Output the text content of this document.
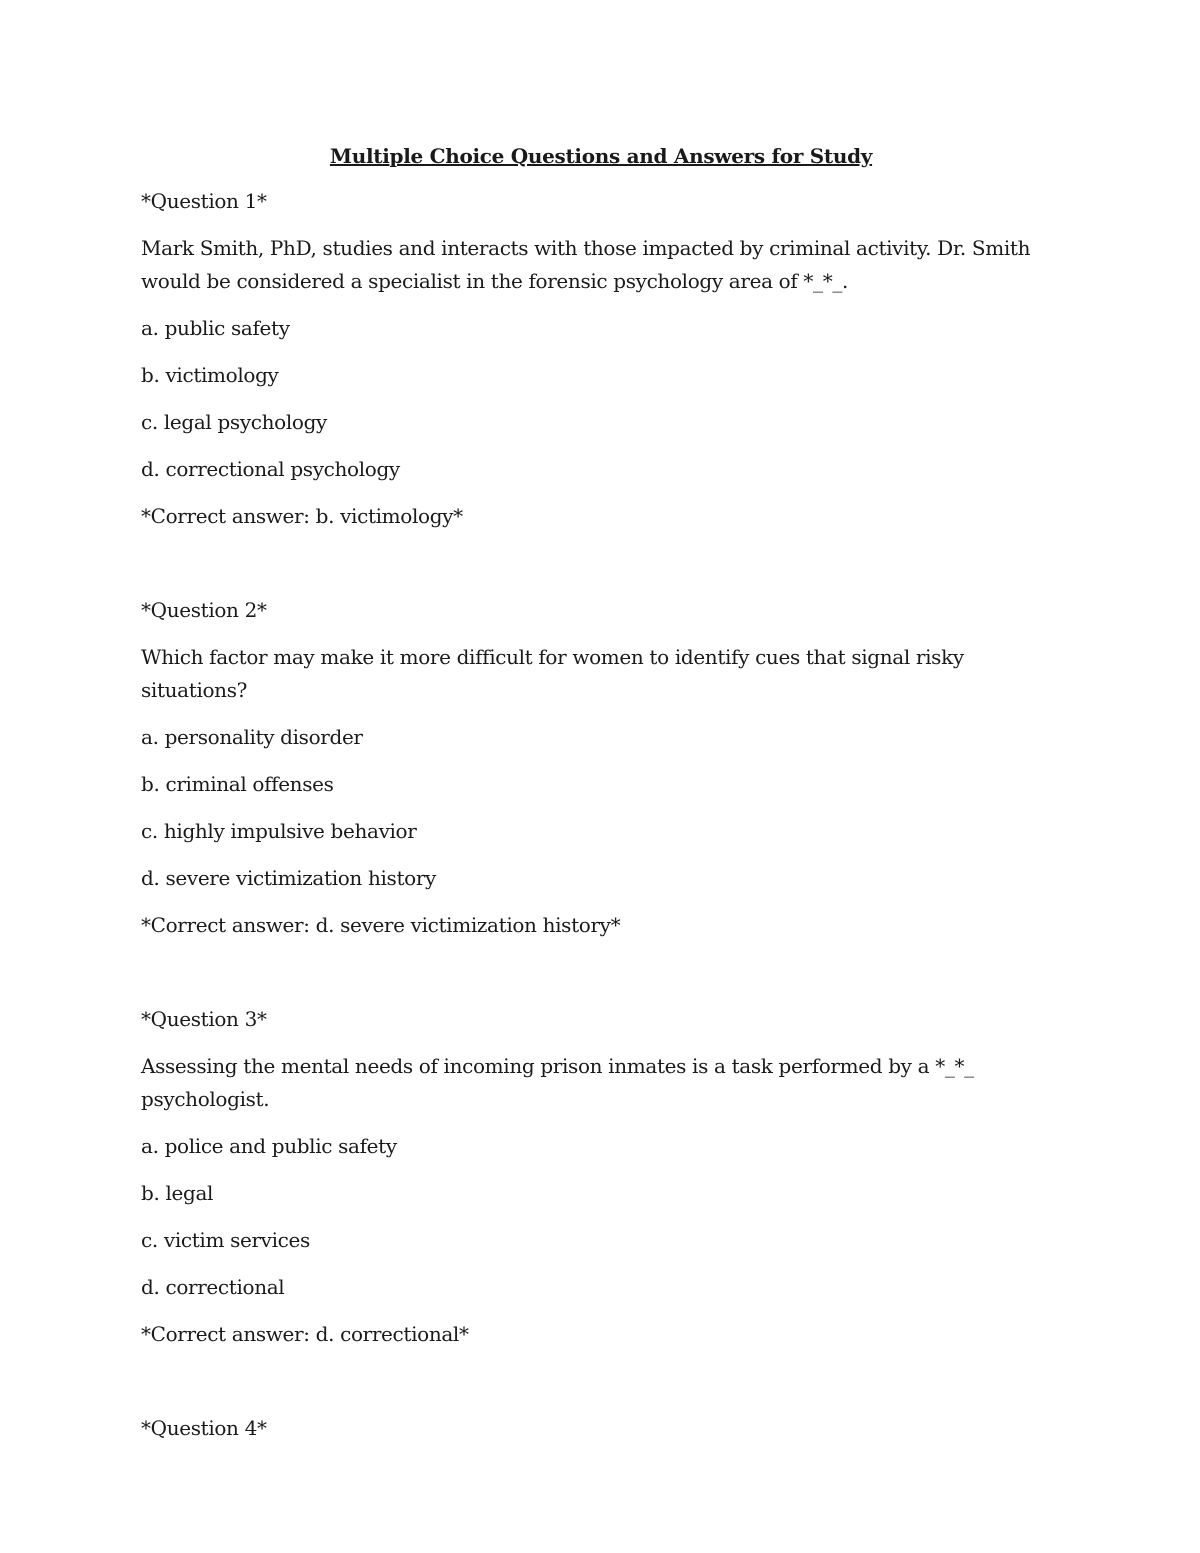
Multiple Choice Questions and Answers for Study
*Question 1*
Mark Smith, PhD, studies and interacts with those impacted by criminal activity. Dr. Smith would be considered a specialist in the forensic psychology area of *_*_.
a. public safety
b. victimology
c. legal psychology
d. correctional psychology
*Correct answer: b. victimology*
*Question 2*
Which factor may make it more difficult for women to identify cues that signal risky situations?
a. personality disorder
b. criminal offenses
c. highly impulsive behavior
d. severe victimization history
*Correct answer: d. severe victimization history*
*Question 3*
Assessing the mental needs of incoming prison inmates is a task performed by a *_*_ psychologist.
a. police and public safety
b. legal
c. victim services
d. correctional
*Correct answer: d. correctional*
*Question 4*
